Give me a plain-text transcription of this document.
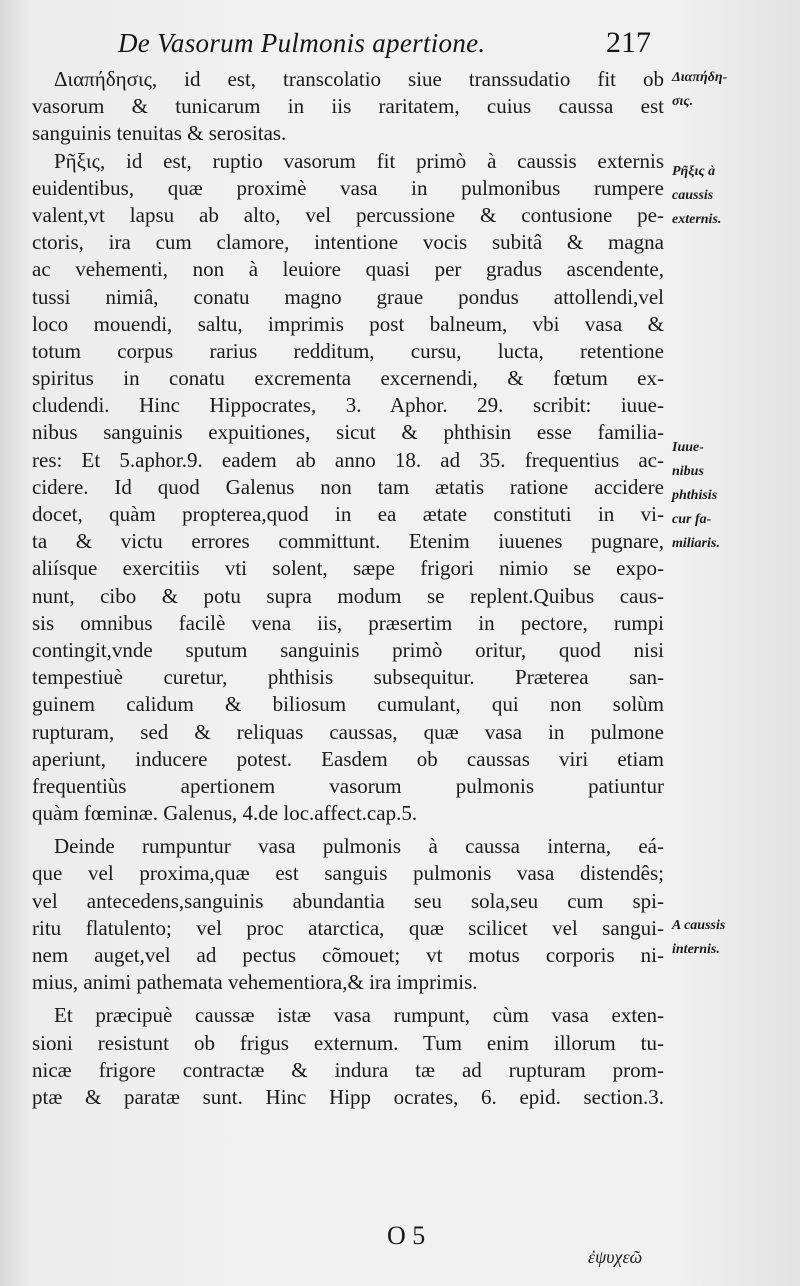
De Vasorum Pulmonis apertione.	217
Διαπήδησις, id est, transcolatio siue transsudatio fit ob
vasorum & tunicarum in iis raritatem, cuius caussa est
sanguinis tenuitas & serositas.
Ρῆξις, id est, ruptio vasorum fit primò à caussis externis
euidentibus, quæ proximè vasa in pulmonibus rumpere
valent,vt lapsu ab alto, vel percussione & contusione pe-
ctoris, ira cum clamore, intentione vocis subitâ & magna
ac vehementi, non à leuiore quasi per gradus ascendente,
tussi nimiâ, conatu magno graue pondus attollendi,vel
loco mouendi, saltu, imprimis post balneum, vbi vasa &
totum corpus rarius redditum, cursu, lucta, retentione
spiritus in conatu excrementa excernendi, & fœtum ex-
cludendi. Hinc Hippocrates, 3. Aphor. 29. scribit: iuue-
nibus sanguinis expuitiones, sicut & phthisin esse familia-
res: Et 5.aphor.9. eadem ab anno 18. ad 35. frequentius ac-
cidere. Id quod Galenus non tam ætatis ratione accidere
docet, quàm propterea,quod in ea ætate constituti in vi-
ta & victu errores committunt. Etenim iuuenes pugnare,
aliísque exercitiis vti solent, sæpe frigori nimio se expo-
nunt, cibo & potu supra modum se replent.Quibus caus-
sis omnibus facilè vena iis, præsertim in pectore, rumpi
contingit,vnde sputum sanguinis primò oritur, quod nisi
tempestiuè curetur, phthisis subsequitur. Præterea san-
guinem calidum & biliosum cumulant, qui non solùm
rupturam, sed & reliquas caussas, quæ vasa in pulmone
aperiunt, inducere potest. Easdem ob caussas viri etiam
frequentiùs apertionem vasorum pulmonis patiuntur
quàm fœminæ. Galenus, 4.de loc.affect.cap.5.
Deinde rumpuntur vasa pulmonis à caussa interna, eá-
que vel proxima,quæ est sanguis pulmonis vasa distendês;
vel antecedens,sanguinis abundantia seu sola,seu cum spi-
ritu flatulento; vel proc atarctica, quæ scilicet vel sangui-
nem auget,vel ad pectus cõmouet; vt motus corporis ni-
mius, animi pathemata vehementiora,& ira imprimis.
Et præcipuè caussæ istæ vasa rumpunt, cùm vasa exten-
sioni resistunt ob frigus externum. Tum enim illorum tu-
nicæ frigore contractæ & indura tæ ad rupturam prom-
ptæ & paratæ sunt. Hinc Hipp ocrates, 6. epid. section.3.
Διαπήδη-
σις.
Ρῆξις à
caussis
externis.
Iuue-
nibus
phthisis
cur fa-
miliaris.
A caussis
internis.
O 5
ἐψυχεῶ
